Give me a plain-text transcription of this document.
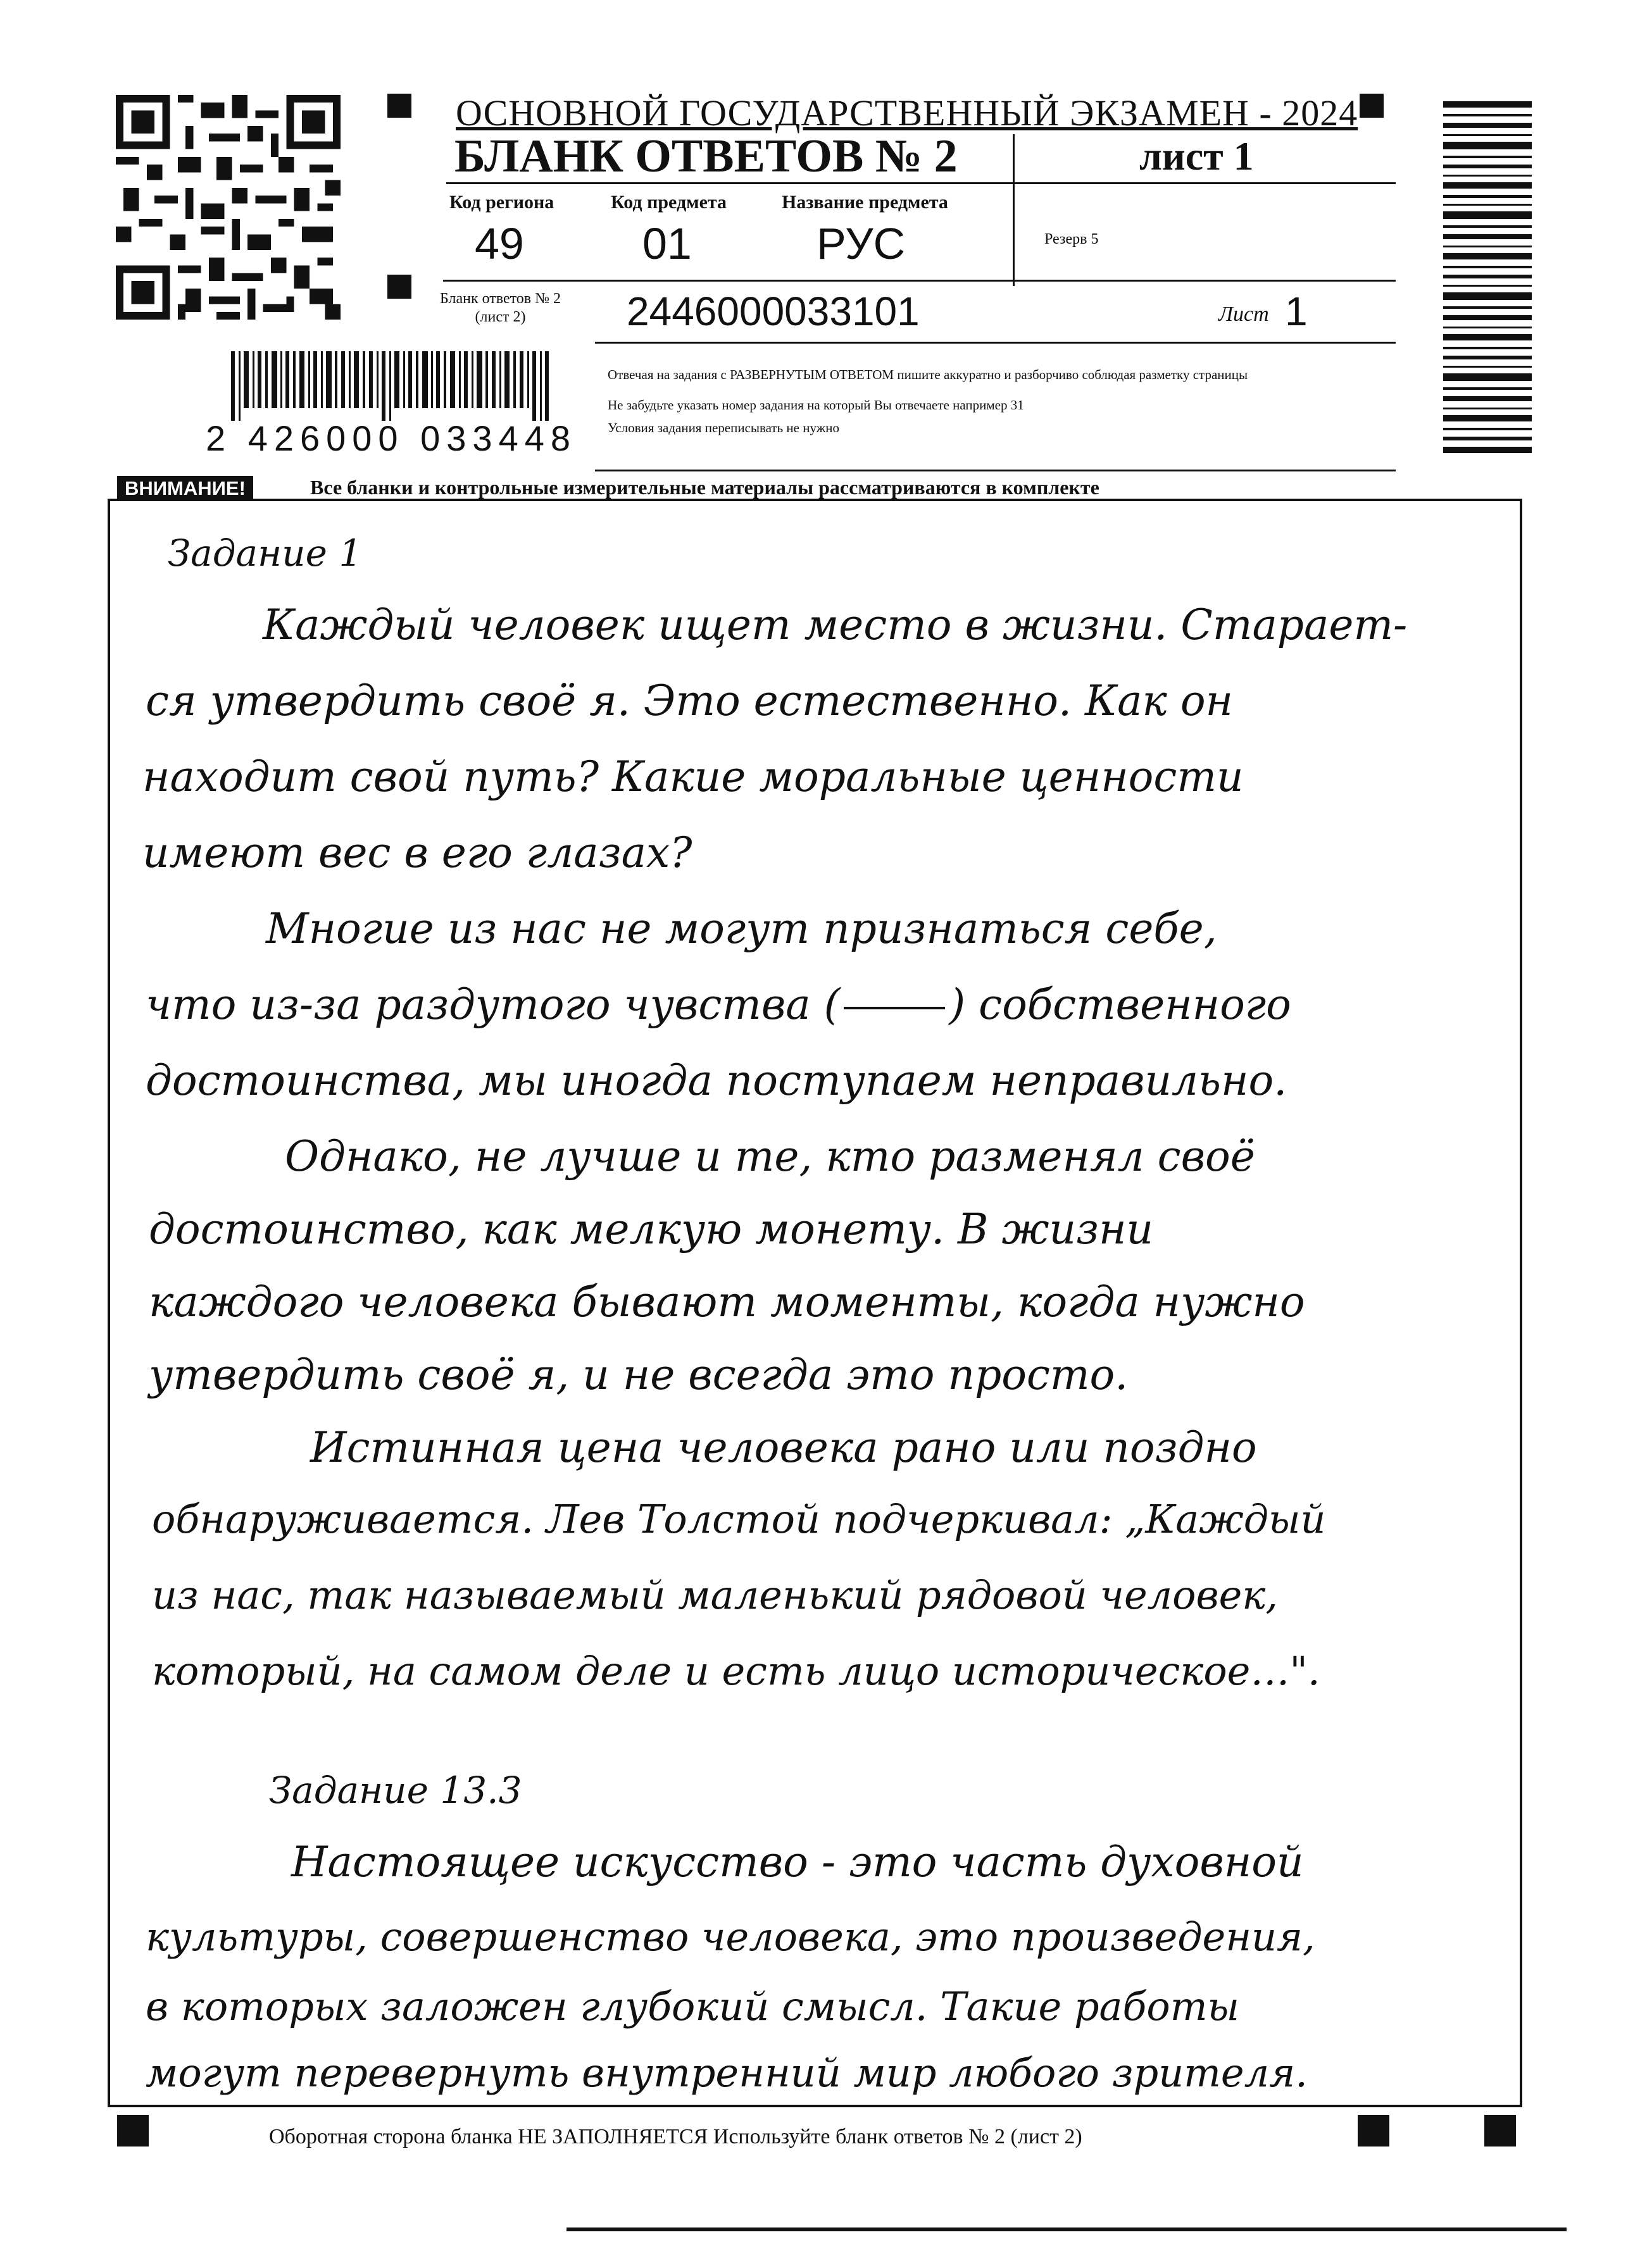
ОСНОВНОЙ ГОСУДАРСТВЕННЫЙ ЭКЗАМЕН - 2024
БЛАНК ОТВЕТОВ № 2	лист 1
Код региона
49
Код предмета
01
Название предмета
РУС	Резерв 5
Бланк ответов № 2
(лист 2)	2446000033101	Лист 1
Отвечая на задания с РАЗВЕРНУТЫМ ОТВЕТОМ пишите аккуратно и разборчиво соблюдая разметку страницы
Не забудьте указать номер задания на который Вы отвечаете например 31
Условия задания переписывать не нужно
2 426000 033448
ВНИМАНИЕ!	Все бланки и контрольные измерительные материалы рассматриваются в комплекте
Задание 1
Каждый человек ищет место в жизни. Старает-
ся утвердить своё я. Это естественно. Как он
находит свой путь? Какие моральные ценности
имеют вес в его глазах?
Многие из нас не могут признаться себе,
что из-за раздутого чувства (	) собственного
достоинства, мы иногда поступаем неправильно.
Однако, не лучше и те, кто разменял своё
достоинство, как мелкую монету. В жизни
каждого человека бывают моменты, когда нужно
утвердить своё я, и не всегда это просто.
Истинная цена человека рано или поздно
обнаруживается. Лев Толстой подчеркивал: „Каждый
из нас, так называемый маленький рядовой человек,
который, на самом деле и есть лицо историческое…".
Задание 13.3
Настоящее искусство - это часть духовной
культуры, совершенство человека, это произведения,
в которых заложен глубокий смысл. Такие работы
могут перевернуть внутренний мир любого зрителя.
Оборотная сторона бланка НЕ ЗАПОЛНЯЕТСЯ Используйте бланк ответов № 2 (лист 2)
